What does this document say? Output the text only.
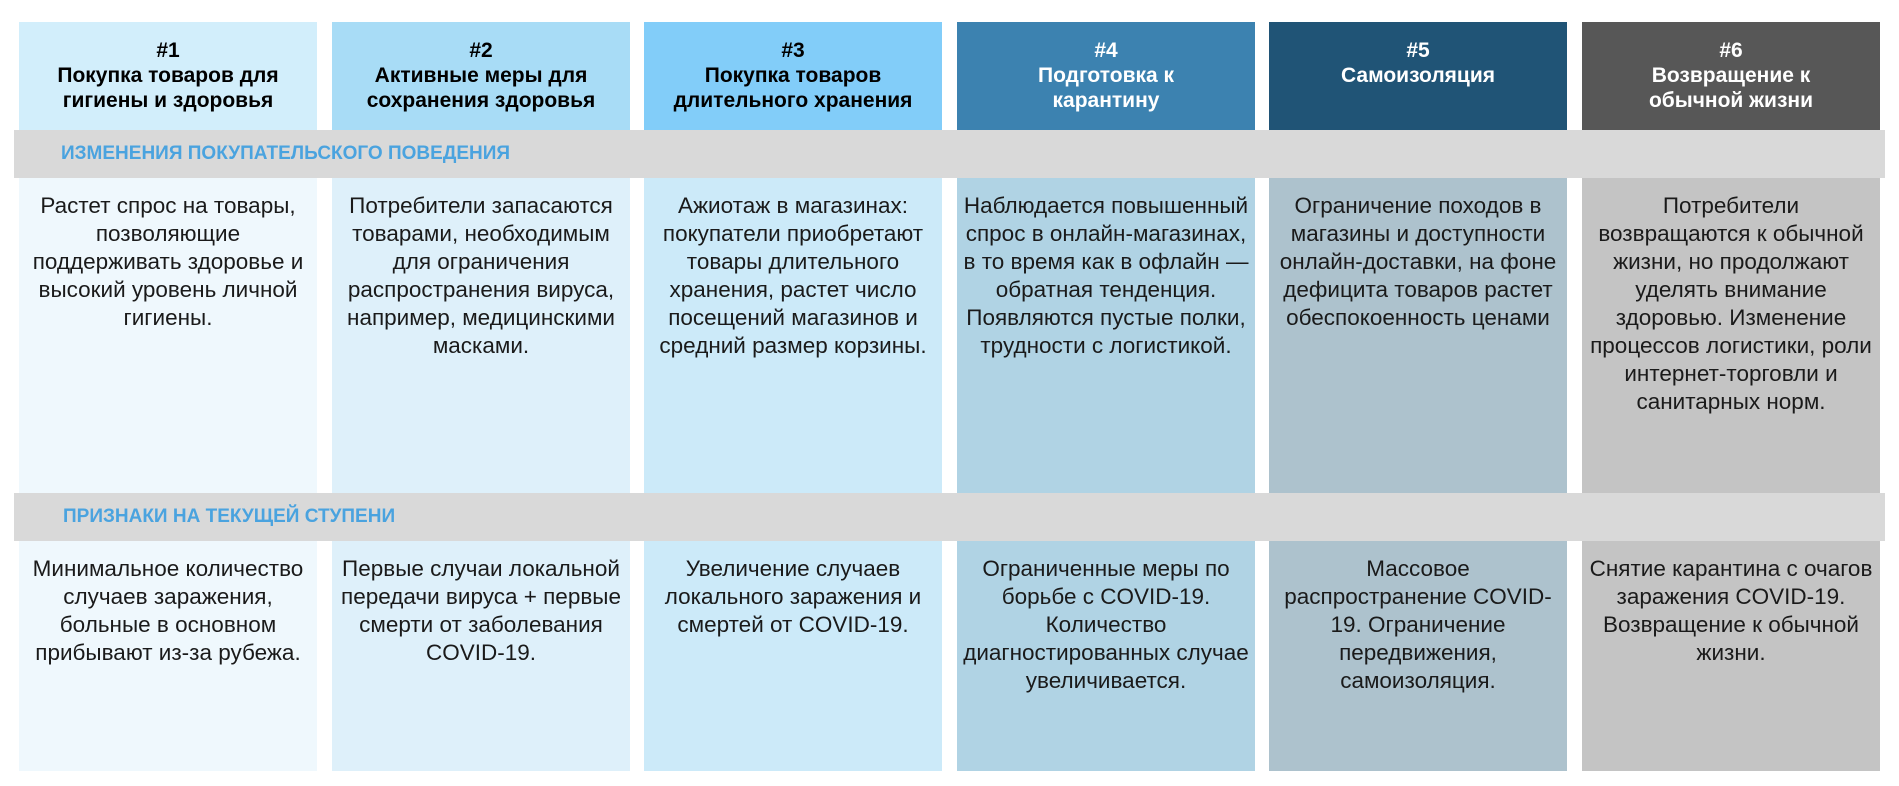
#1
Покупка товаров для
гигиены и здоровья
#2
Активные меры для
сохранения здоровья
#3
Покупка товаров
длительного хранения
#4
Подготовка к
карантину
#5
Самоизоляция
#6
Возвращение к
обычной жизни
ИЗМЕНЕНИЯ ПОКУПАТЕЛЬСКОГО ПОВЕДЕНИЯ
Растет спрос на товары, позволяющие поддерживать здоровье и высокий уровень личной гигиены.
Потребители запасаются товарами, необходимым для ограничения распространения вируса, например, медицинскими масками.
Ажиотаж в магазинах: покупатели приобретают товары длительного хранения, растет число посещений магазинов и средний размер корзины.
Наблюдается повышенный спрос в онлайн-магазинах, в то время как в офлайн — обратная тенденция. Появляются пустые полки, трудности с логистикой.
Ограничение походов в магазины и доступности онлайн-доставки, на фоне дефицита товаров растет обеспокоенность ценами
Потребители возвращаются к обычной жизни, но продолжают уделять внимание здоровью. Изменение процессов логистики, роли интернет-торговли и санитарных норм.
ПРИЗНАКИ НА ТЕКУЩЕЙ СТУПЕНИ
Минимальное количество случаев заражения, больные в основном прибывают из-за рубежа.
Первые случаи локальной передачи вируса + первые смерти от заболевания COVID-19.
Увеличение случаев локального заражения и смертей от COVID-19.
Ограниченные меры по борьбе с COVID-19. Количество диагностированных случае увеличивается.
Массовое распространение COVID-19. Ограничение передвижения, самоизоляция.
Снятие карантина с очагов заражения COVID-19. Возвращение к обычной жизни.
